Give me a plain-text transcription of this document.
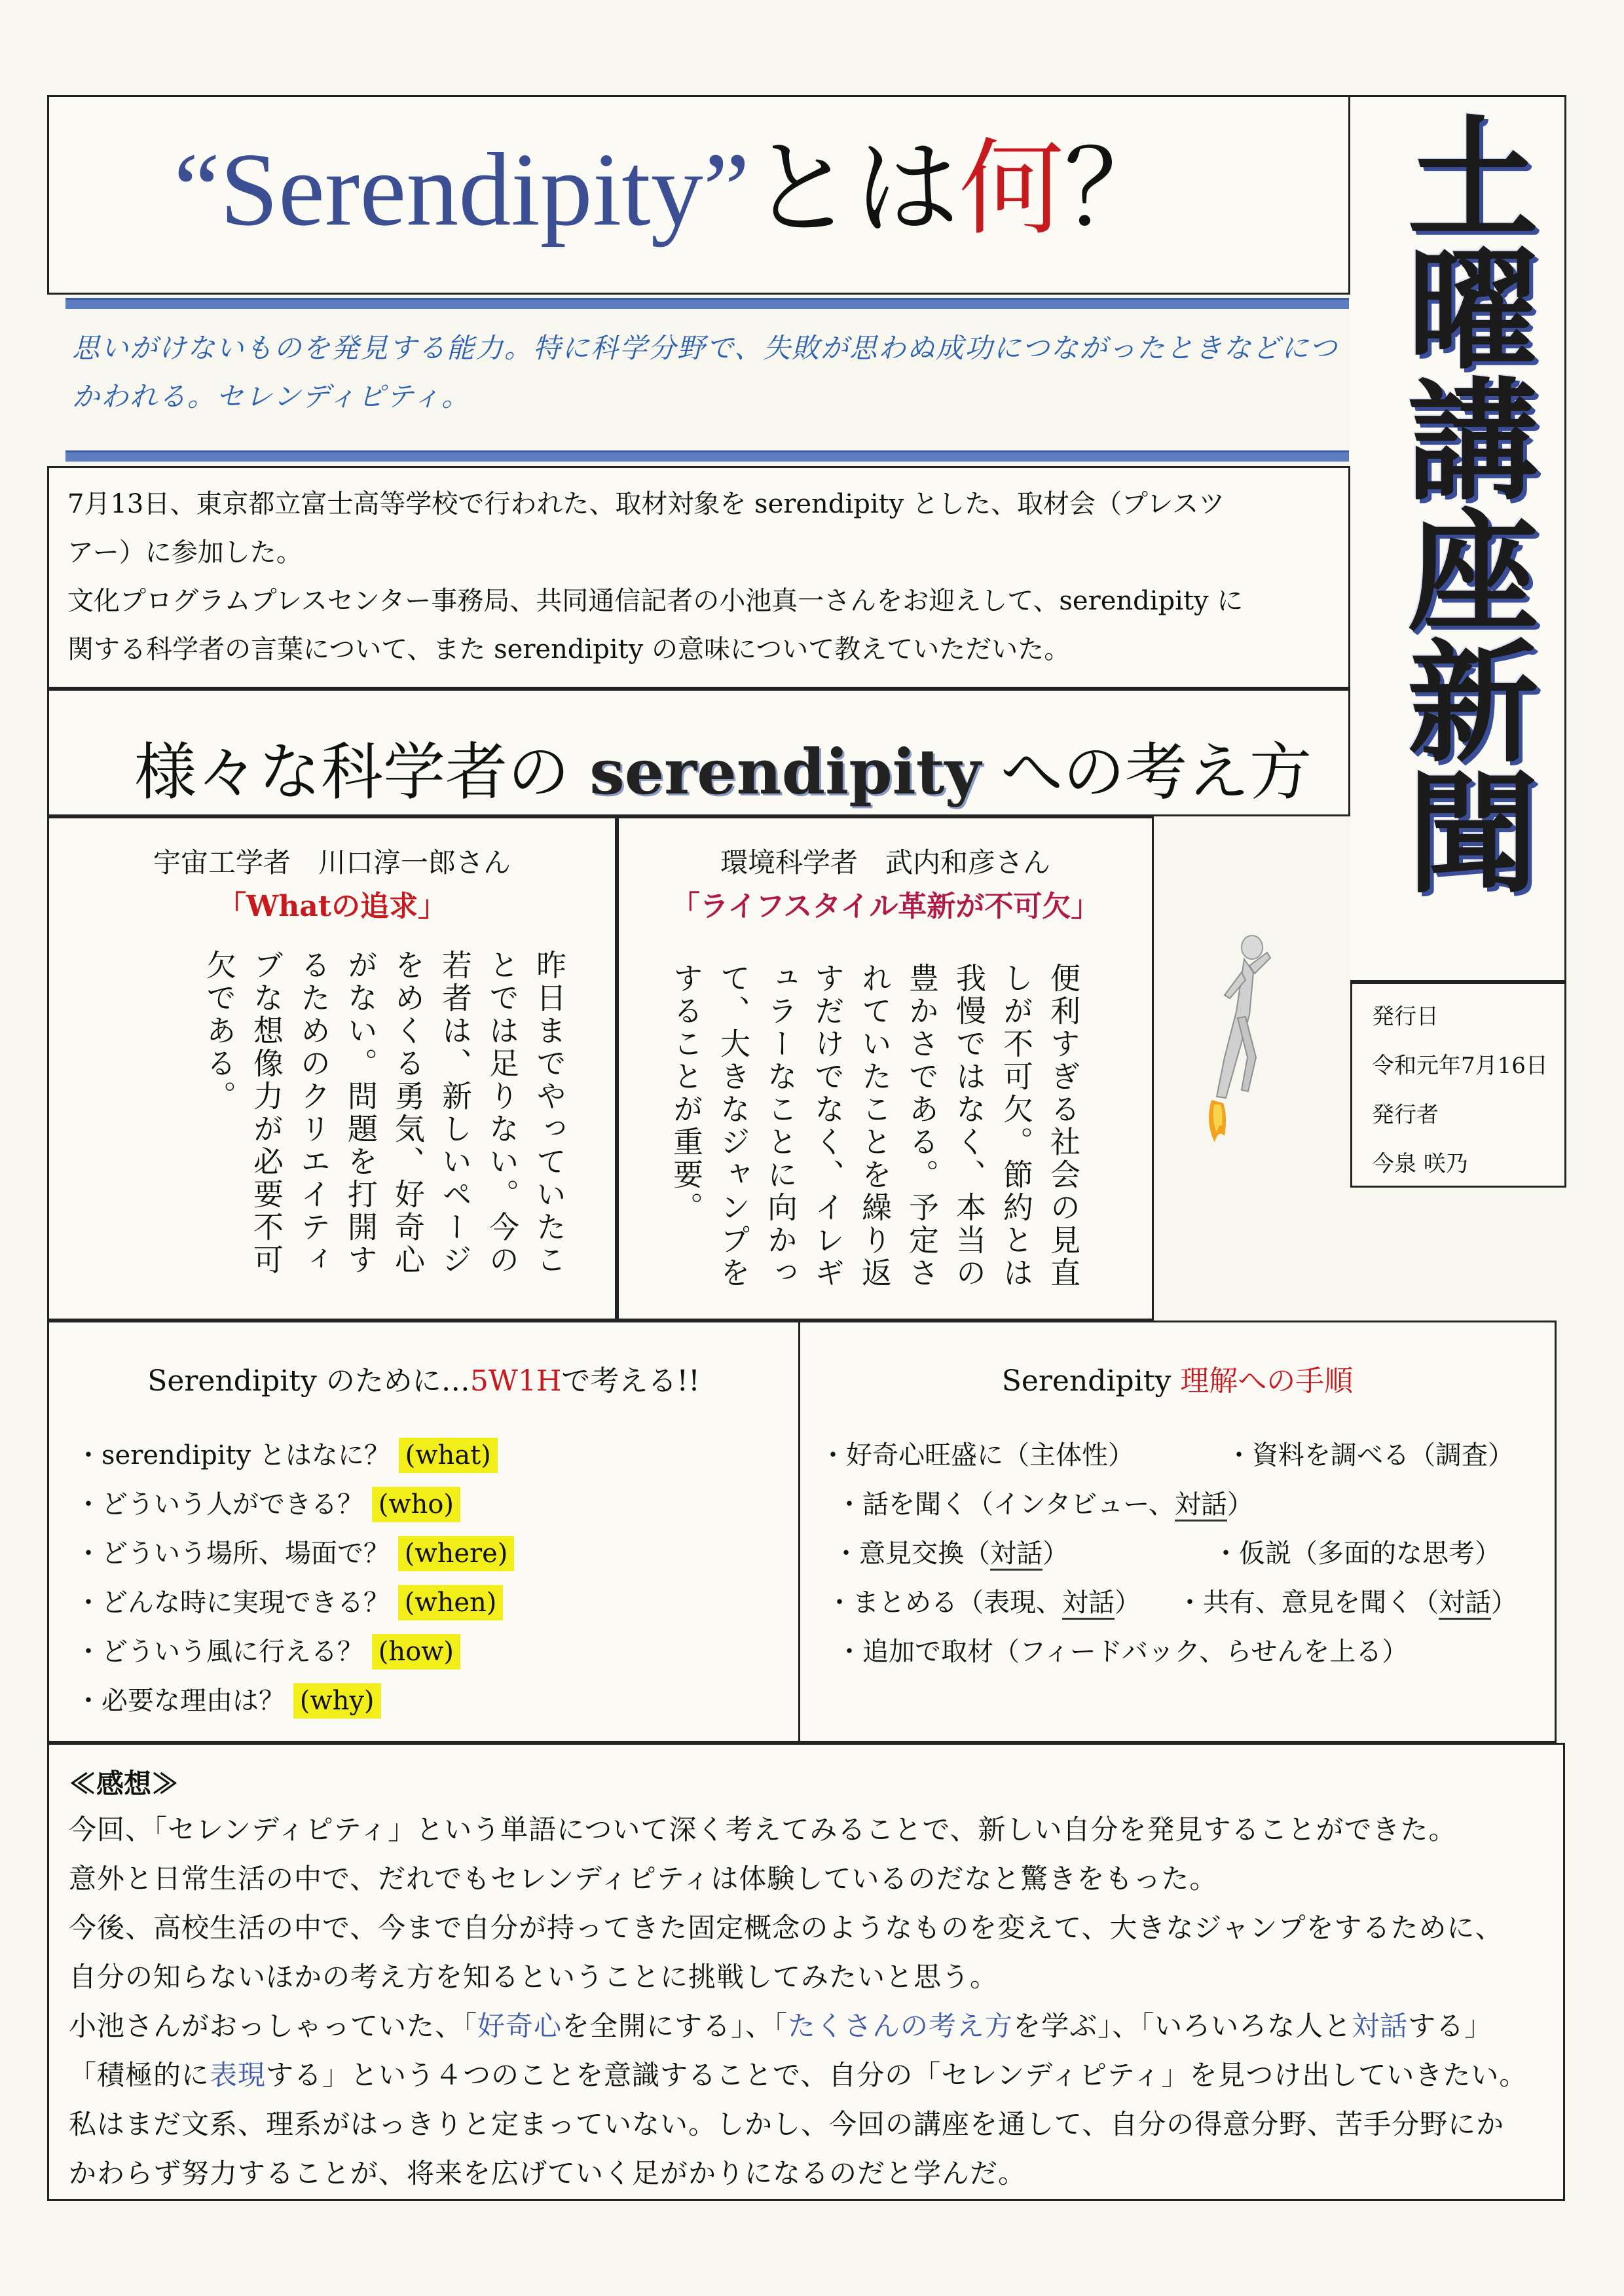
“Serendipity”とは何？ 土曜講座新聞
発行日
令和元年7月16日
発行者
今泉 咲乃
思いがけないものを発見する能力。特に科学分野で、失敗が思わぬ成功につながったときなどにつかわれる。セレンディピティ。
7月13日、東京都立富士高等学校で行われた、取材対象を serendipity とした、取材会（プレスツ
アー）に参加した。
文化プログラムプレスセンター事務局、共同通信記者の小池真一さんをお迎えして、serendipity に
関する科学者の言葉について、また serendipity の意味について教えていただいた。
様々な科学者の serendipity への考え方
宇宙工学者　川口淳一郎さん
「Whatの追求」
昨日までやっていたことでは足りない。今の若者は、新しいページをめくる勇気、好奇心がない。問題を打開するためのクリエイティブな想像力が必要不可欠である。
環境科学者　武内和彦さん
「ライフスタイル革新が不可欠」
便利すぎる社会の見直しが不可欠。節約とは 我慢ではなく、本当の豊かさである。予定されていたことを繰り返すだけでなく、イレギュラーなことに向かって、大きなジャンプをすることが重要。
Serendipity のために…5W1Hで考える!!
・serendipity とはなに？ (what)
・どういう人ができる？ (who)
・どういう場所、場面で？ (where)
・どんな時に実現できる？ (when)
・どういう風に行える？ (how)
・必要な理由は？ (why)
Serendipity 理解への手順
・好奇心旺盛に（主体性）	・資料を調べる（調査）
・話を聞く（インタビュー、対話）
・意見交換（対話）	・仮説（多面的な思考）
・まとめる（表現、対話） ・共有、意見を聞く（対話）
・追加で取材（フィードバック、らせんを上る）
≪感想≫
今回、「セレンディピティ」という単語について深く考えてみることで、新しい自分を発見することができた。
意外と日常生活の中で、だれでもセレンディピティは体験しているのだなと驚きをもった。
今後、高校生活の中で、今まで自分が持ってきた固定概念のようなものを変えて、大きなジャンプをするために、
自分の知らないほかの考え方を知るということに挑戦してみたいと思う。
小池さんがおっしゃっていた、「好奇心を全開にする」、「たくさんの考え方を学ぶ」、「いろいろな人と対話する」
「積極的に表現する」という４つのことを意識することで、自分の「セレンディピティ」を見つけ出していきたい。
私はまだ文系、理系がはっきりと定まっていない。しかし、今回の講座を通して、自分の得意分野、苦手分野にか
かわらず努力することが、将来を広げていく足がかりになるのだと学んだ。
